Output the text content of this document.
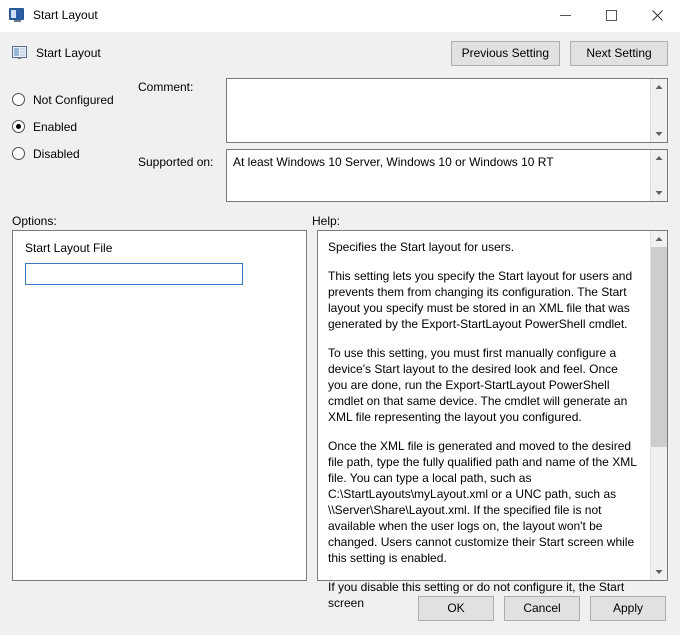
Start Layout
Start Layout	Previous Setting	Next Setting
Not Configured
Enabled
Disabled
Comment:
Supported on:	At least Windows 10 Server, Windows 10 or Windows 10 RT
Options:	Help:
Start Layout File	Specifies the Start layout for users.

This setting lets you specify the Start layout for users and prevents them from changing its configuration. The Start layout you specify must be stored in an XML file that was generated by the Export-StartLayout PowerShell cmdlet.

To use this setting, you must first manually configure a device's Start layout to the desired look and feel. Once you are done, run the Export-StartLayout PowerShell cmdlet on that same device. The cmdlet will generate an XML file representing the layout you configured.

Once the XML file is generated and moved to the desired file path, type the fully qualified path and name of the XML file. You can type a local path, such as C:\StartLayouts\myLayout.xml or a UNC path, such as \\Server\Share\Layout.xml. If the specified file is not available when the user logs on, the layout won't be changed. Users cannot customize their Start screen while this setting is enabled.

If you disable this setting or do not configure it, the Start screen	OK	Cancel	Apply
